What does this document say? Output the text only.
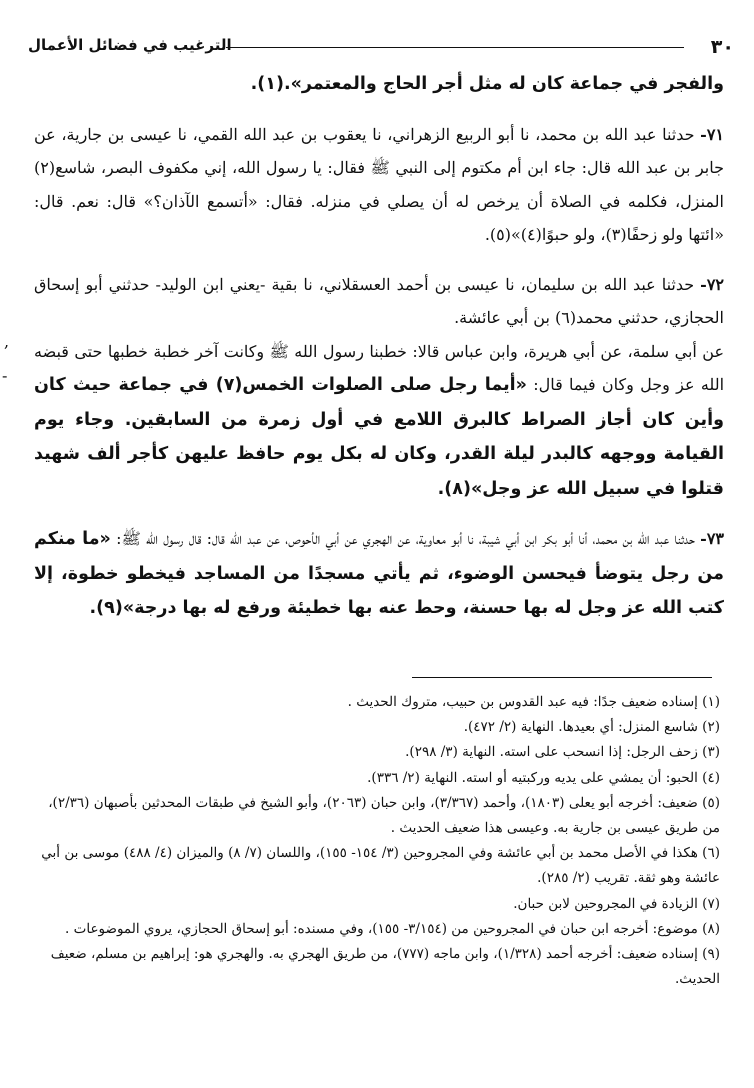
٣٠
الترغيب في فضائل الأعمال

والفجر في جماعة كان له مثل أجر الحاج والمعتمر».(١).

٧١- حدثنا عبد الله بن محمد، نا أبو الربيع الزهراني، نا يعقوب بن عبد الله القمي، نا عيسى بن جارية، عن جابر بن عبد الله قال: جاء ابن أم مكتوم إلى النبي ﷺ فقال: يا رسول الله، إني مكفوف البصر، شاسع(٢) المنزل، فكلمه في الصلاة أن يرخص له أن يصلي في منزله. فقال: «أتسمع الآذان؟» قال: نعم. قال: «ائتها ولو زحفًا(٣)، ولو حبوًا(٤)»(٥).

٧٢- حدثنا عبد الله بن سليمان، نا عيسى بن أحمد العسقلاني، نا بقية -يعني ابن الوليد- حدثني أبو إسحاق الحجازي، حدثني محمد(٦) بن أبي عائشة.

عن أبي سلمة، عن أبي هريرة، وابن عباس قالا: خطبنا رسول الله ﷺ وكانت آخر خطبة خطبها حتى قبضه الله عز وجل وكان فيما قال: «أيما رجل صلى الصلوات الخمس(٧) في جماعة حيث كان وأين كان أجاز الصراط كالبرق اللامع في أول زمرة من السابقين. وجاء يوم القيامة ووجهه كالبدر ليلة القدر، وكان له بكل يوم حافظ عليهن كأجر ألف شهيد قتلوا في سبيل الله عز وجل»(٨).

٧٣- حدثنا عبد الله بن محمد، أنا أبو بكر ابن أبي شيبة، نا أبو معاوية، عن الهجري عن أبي الأحوص، عن عبد الله قال: قال رسول الله ﷺ: «ما منكم من رجل يتوضأ فيحسن الوضوء، ثم يأتي مسجدًا من المساجد فيخطو خطوة، إلا كتب الله عز وجل له بها حسنة، وحط عنه بها خطيئة ورفع له بها درجة»(٩).

(١) إسناده ضعيف جدًا: فيه عبد القدوس بن حبيب، متروك الحديث .

(٢) شاسع المنزل: أي بعيدها. النهاية (٢/ ٤٧٢).

(٣) زحف الرجل: إذا انسحب على استه. النهاية (٣/ ٢٩٨).

(٤) الحبو: أن يمشي على يديه وركبتيه أو استه. النهاية (٢/ ٣٣٦).

(٥) ضعيف: أخرجه أبو يعلى (١٨٠٣)، وأحمد (٣/٣٦٧)، وابن حبان (٢٠٦٣)، وأبو الشيخ في طبقات المحدثين بأصبهان (٢/٣٦)، من طريق عيسى بن جارية به. وعيسى هذا ضعيف الحديث .

(٦) هكذا في الأصل محمد بن أبي عائشة وفي المجروحين (٣/ ١٥٤- ١٥٥)، واللسان (٧/ ٨) والميزان (٤/ ٤٨٨) موسى بن أبي عائشة وهو ثقة. تقريب (٢/ ٢٨٥).

(٧) الزيادة في المجروحين لابن حبان.

(٨) موضوع: أخرجه ابن حبان في المجروحين من (٣/١٥٤- ١٥٥)، وفي مسنده: أبو إسحاق الحجازي، يروي الموضوعات .

(٩) إسناده ضعيف: أخرجه أحمد (١/٣٢٨)، وابن ماجه (٧٧٧)، من طريق الهجري به. والهجري هو: إبراهيم بن مسلم، ضعيف الحديث.

,
-
